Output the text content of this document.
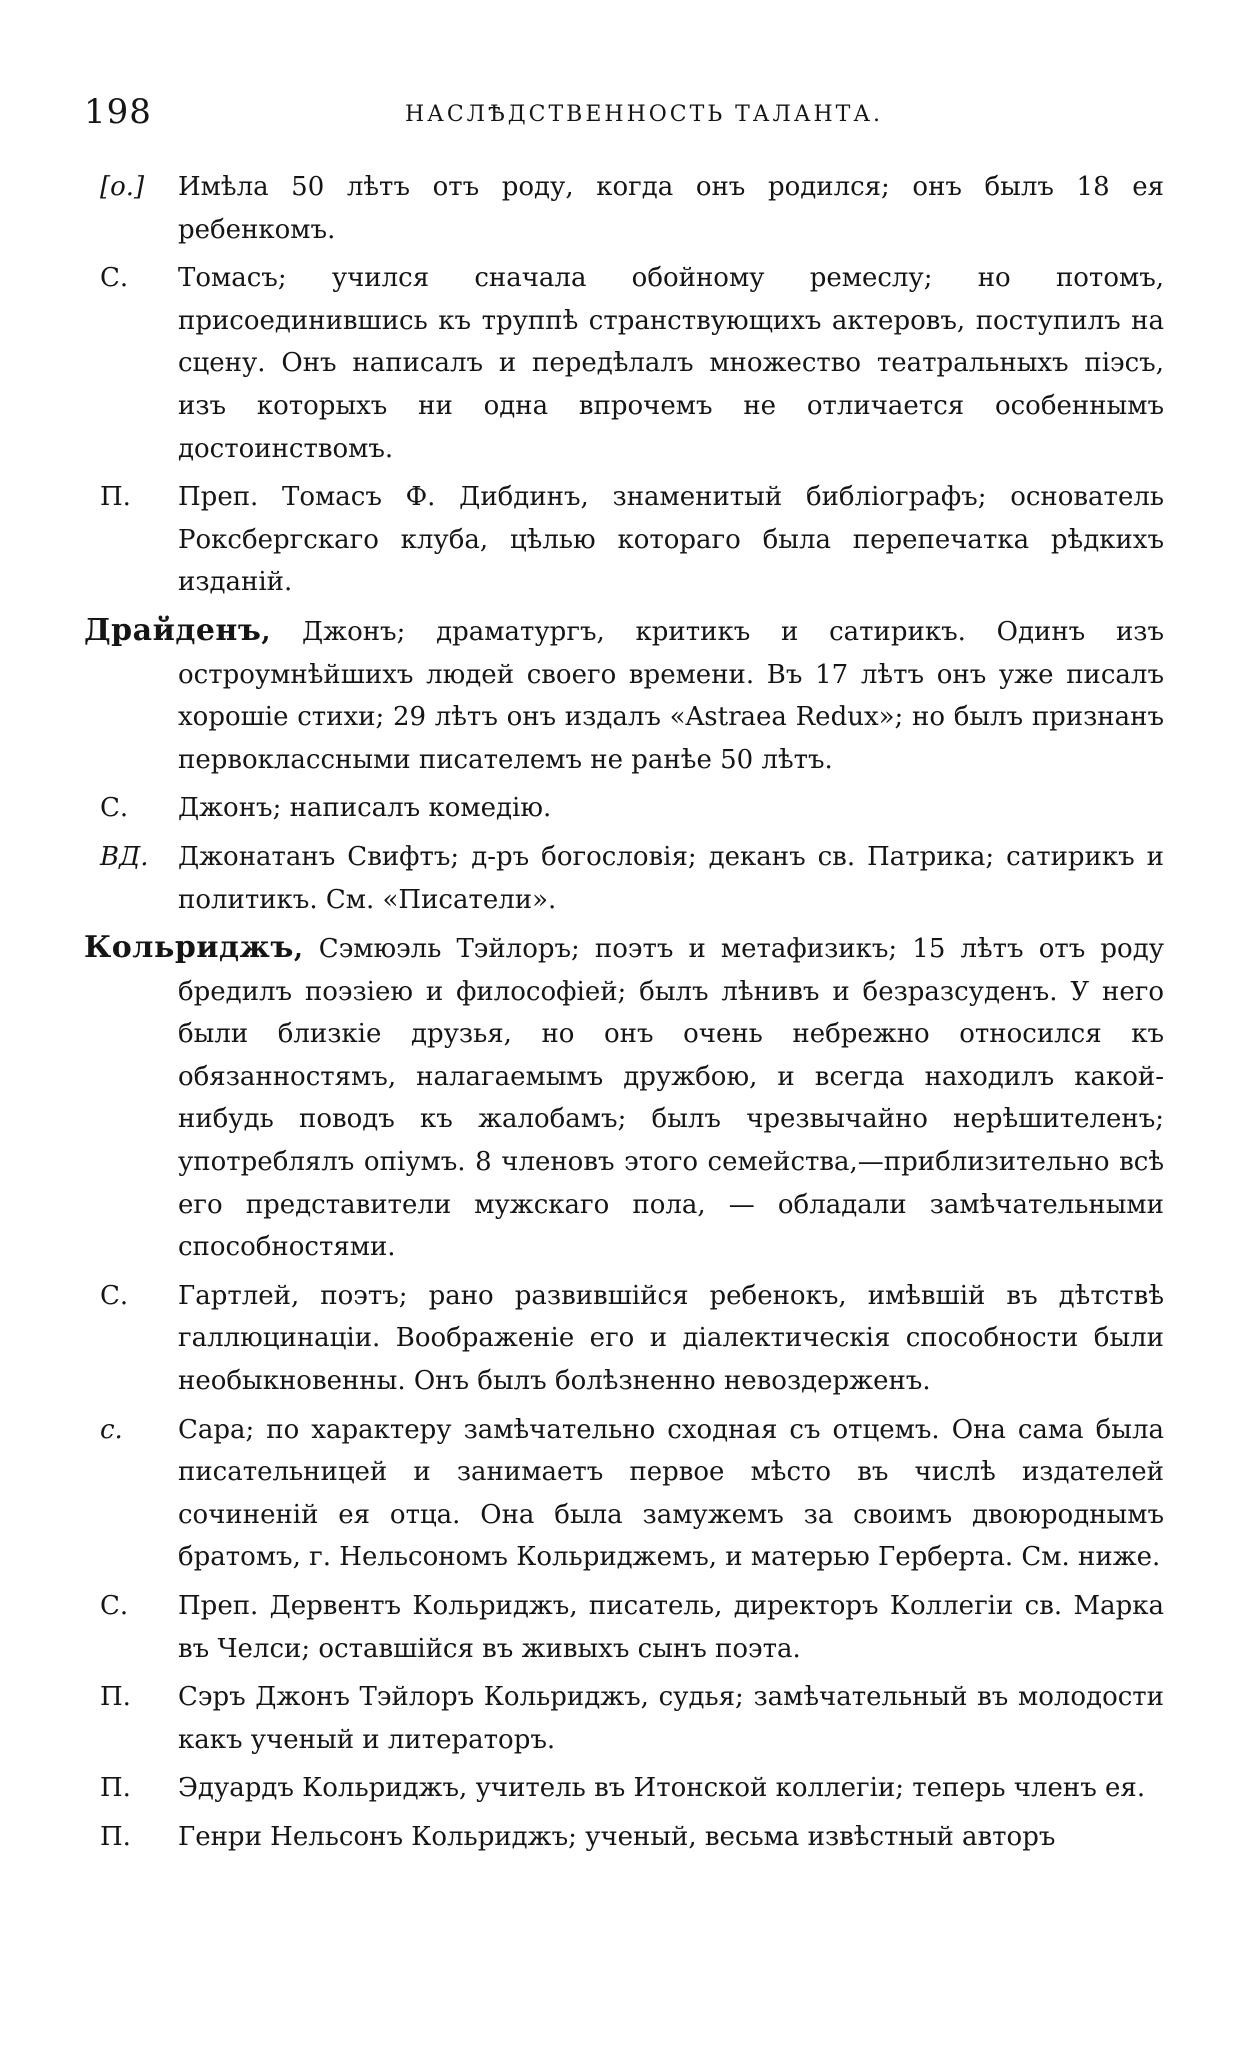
198	НАСЛѢДСТВЕННОСТЬ ТАЛАНТА.
[о.]	Имѣла 50 лѣтъ отъ роду, когда онъ родился; онъ былъ 18 ея ребенкомъ.
С.	Томасъ; учился сначала обойному ремеслу; но потомъ, присоединившись къ труппѣ странствующихъ актеровъ, поступилъ на сцену. Онъ написалъ и передѣлалъ множество театральныхъ піэсъ, изъ которыхъ ни одна впрочемъ не отличается особеннымъ достоинствомъ.
П.	Преп. Томасъ Ф. Дибдинъ, знаменитый библіографъ; основатель Роксбергскаго клуба, цѣлью котораго была перепечатка рѣдкихъ изданій.
Драйденъ, Джонъ; драматургъ, критикъ и сатирикъ. Одинъ изъ остроумнѣйшихъ людей своего времени. Въ 17 лѣтъ онъ уже писалъ хорошіе стихи; 29 лѣтъ онъ издалъ «Astraea Redux»; но былъ признанъ первоклассными писателемъ не ранѣе 50 лѣтъ.
С.	Джонъ; написалъ комедію.
ВД.	Джонатанъ Свифтъ; д-ръ богословія; деканъ св. Патрика; сатирикъ и политикъ. См. «Писатели».
Кольриджъ, Сэмюэль Тэйлоръ; поэтъ и метафизикъ; 15 лѣтъ отъ роду бредилъ поэзіею и философіей; былъ лѣнивъ и безразсуденъ. У него были близкіе друзья, но онъ очень небрежно относился къ обязанностямъ, налагаемымъ дружбою, и всегда находилъ какой-нибудь поводъ къ жалобамъ; былъ чрезвычайно нерѣшителенъ; употреблялъ опіумъ. 8 членовъ этого семейства,—приблизительно всѣ его представители мужскаго пола, — обладали замѣчательными способностями.
С.	Гартлей, поэтъ; рано развившійся ребенокъ, имѣвшій въ дѣтствѣ галлюцинаціи. Воображеніе его и діалектическія способности были необыкновенны. Онъ былъ болѣзненно невоздерженъ.
с.	Сара; по характеру замѣчательно сходная съ отцемъ. Она сама была писательницей и занимаетъ первое мѣсто въ числѣ издателей сочиненій ея отца. Она была замужемъ за своимъ двоюроднымъ братомъ, г. Нельсономъ Кольриджемъ, и матерью Герберта. См. ниже.
С.	Преп. Дервентъ Кольриджъ, писатель, директоръ Коллегіи св. Марка въ Челси; оставшійся въ живыхъ сынъ поэта.
П.	Сэръ Джонъ Тэйлоръ Кольриджъ, судья; замѣчательный въ молодости какъ ученый и литераторъ.
П.	Эдуардъ Кольриджъ, учитель въ Итонской коллегіи; теперь членъ ея.
П.	Генри Нельсонъ Кольриджъ; ученый, весьма извѣстный авторъ
